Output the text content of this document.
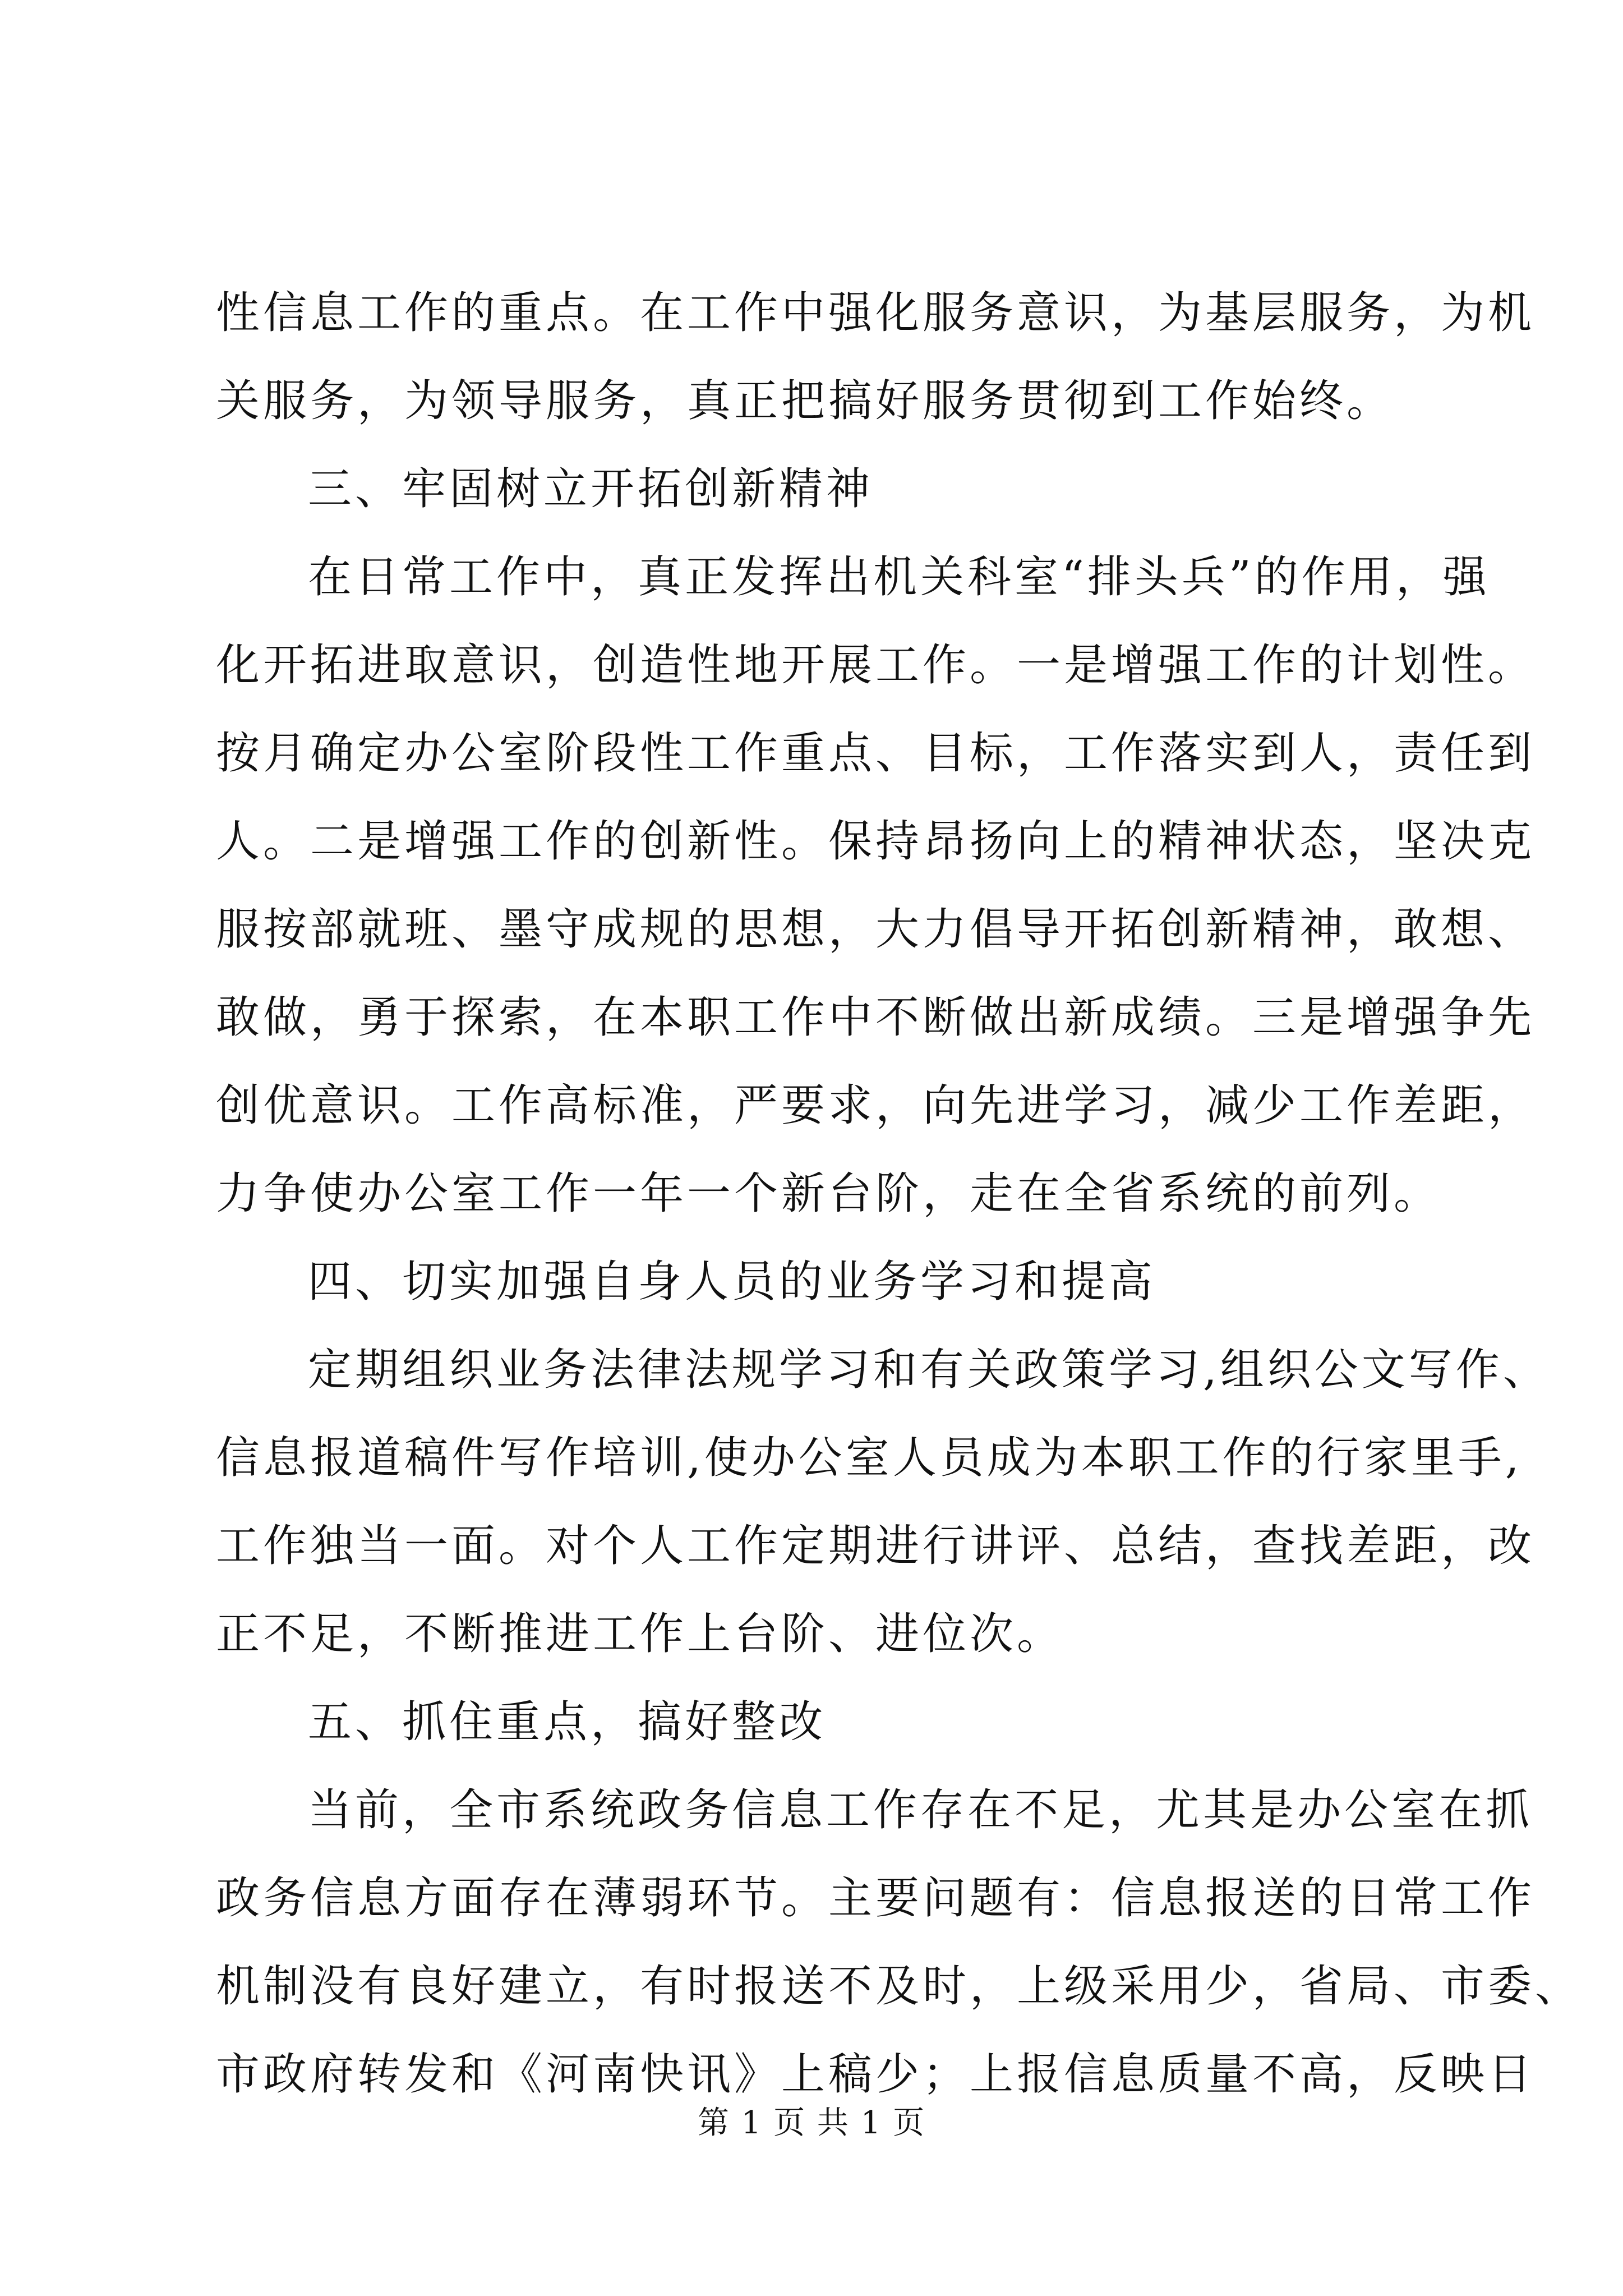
性信息工作的重点。在工作中强化服务意识，为基层服务，为机
关服务，为领导服务，真正把搞好服务贯彻到工作始终。
三、牢固树立开拓创新精神
在日常工作中，真正发挥出机关科室“排头兵”的作用，强
化开拓进取意识，创造性地开展工作。一是增强工作的计划性。
按月确定办公室阶段性工作重点、目标，工作落实到人，责任到
人。二是增强工作的创新性。保持昂扬向上的精神状态，坚决克
服按部就班、墨守成规的思想，大力倡导开拓创新精神，敢想、
敢做，勇于探索，在本职工作中不断做出新成绩。三是增强争先
创优意识。工作高标准，严要求，向先进学习，减少工作差距，
力争使办公室工作一年一个新台阶，走在全省系统的前列。
四、切实加强自身人员的业务学习和提高
定期组织业务法律法规学习和有关政策学习,组织公文写作、
信息报道稿件写作培训,使办公室人员成为本职工作的行家里手,
工作独当一面。对个人工作定期进行讲评、总结，查找差距，改
正不足，不断推进工作上台阶、进位次。
五、抓住重点，搞好整改
当前，全市系统政务信息工作存在不足，尤其是办公室在抓
政务信息方面存在薄弱环节。主要问题有：信息报送的日常工作
机制没有良好建立，有时报送不及时，上级采用少，省局、市委、
市政府转发和《河南快讯》上稿少；上报信息质量不高，反映日
第 1 页 共 1 页
